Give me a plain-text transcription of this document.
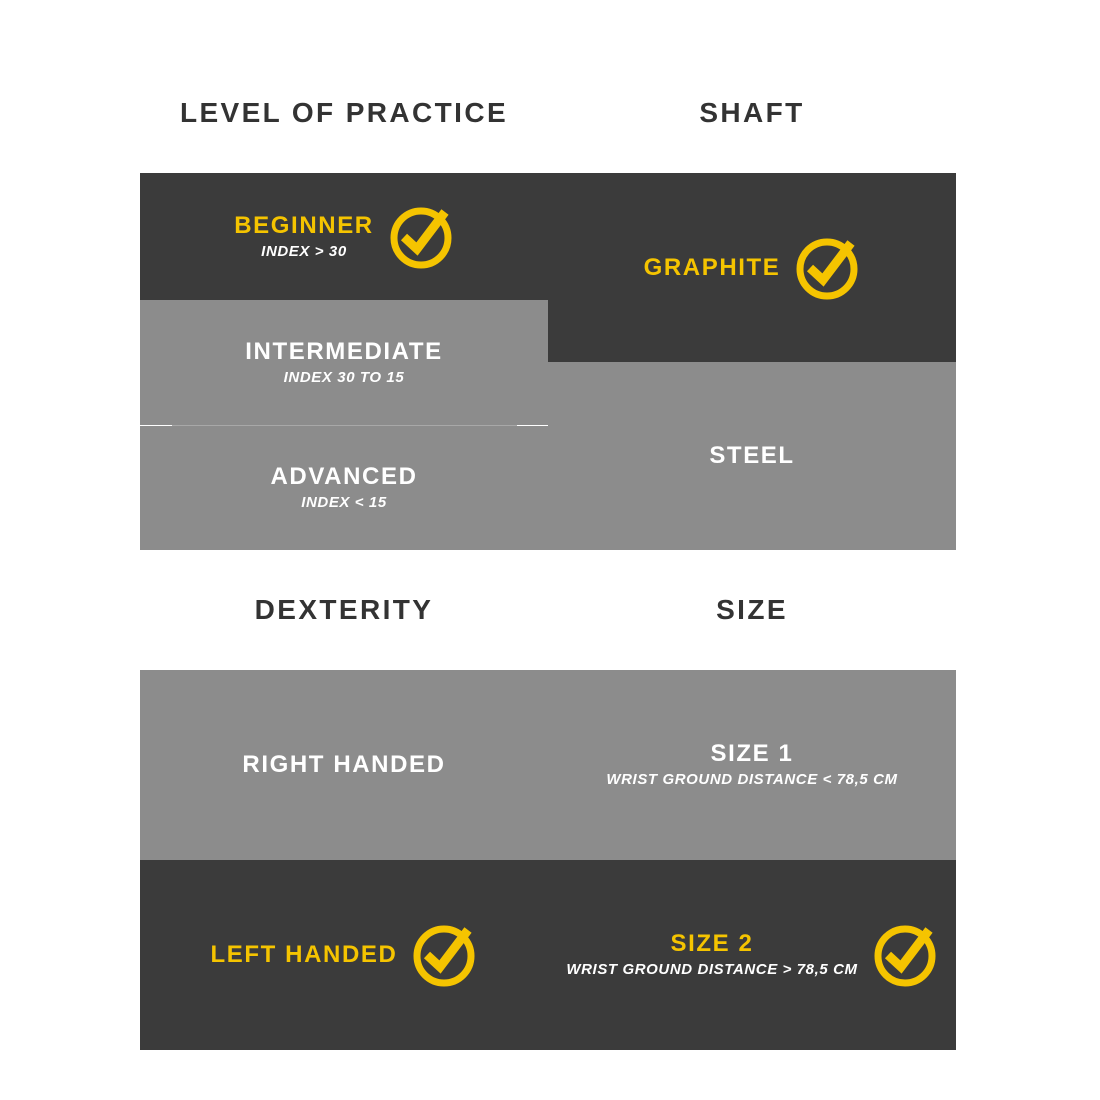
LEVEL OF PRACTICE
BEGINNER
INDEX > 30
INTERMEDIATE
INDEX 30 TO 15
ADVANCED
INDEX < 15
SHAFT
GRAPHITE
STEEL
DEXTERITY
RIGHT HANDED
LEFT HANDED
SIZE
SIZE 1
WRIST GROUND DISTANCE < 78,5 CM
SIZE 2
WRIST GROUND DISTANCE > 78,5 CM
